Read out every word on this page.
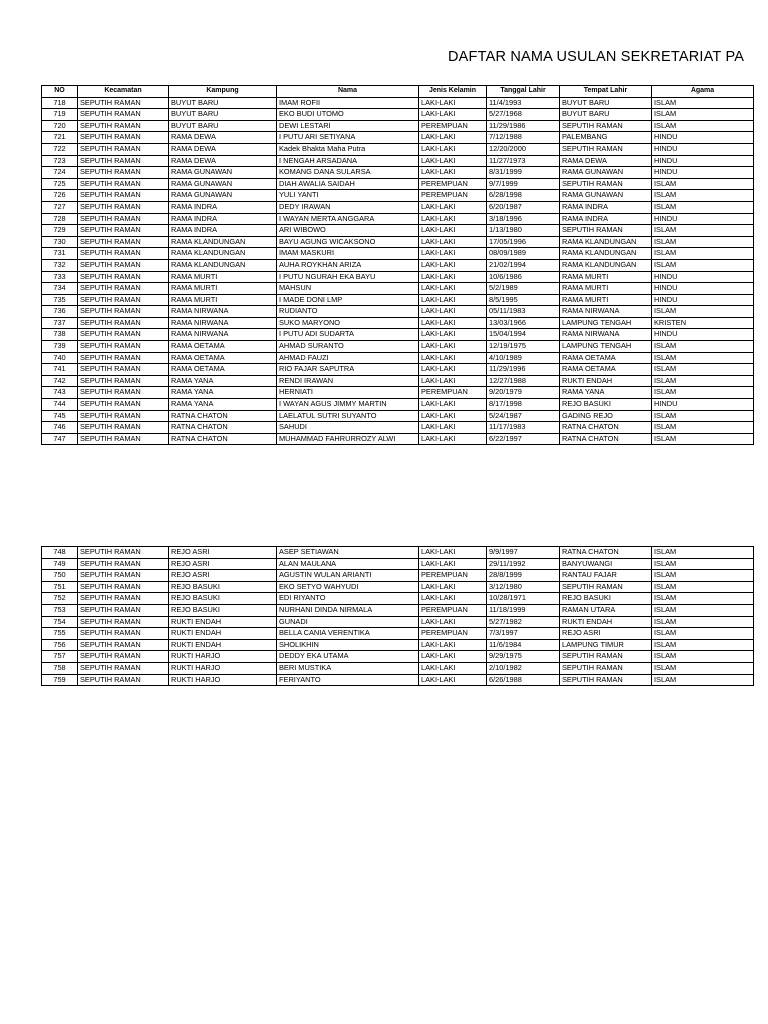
DAFTAR NAMA USULAN SEKRETARIAT PA
NO	Kecamatan	Kampung	Nama	Jenis Kelamin	Tanggal Lahir	Tempat Lahir	Agama
718	SEPUTIH RAMAN	BUYUT BARU	IMAM ROFII	LAKI-LAKI	11/4/1993	BUYUT BARU	ISLAM
719	SEPUTIH RAMAN	BUYUT BARU	EKO BUDI UTOMO	LAKI-LAKI	5/27/1968	BUYUT BARU	ISLAM
720	SEPUTIH RAMAN	BUYUT BARU	DEWI LESTARI	PEREMPUAN	11/29/1986	SEPUTIH RAMAN	ISLAM
721	SEPUTIH RAMAN	RAMA DEWA	I PUTU ARI SETIYANA	LAKI-LAKI	7/12/1988	PALEMBANG	HINDU
722	SEPUTIH RAMAN	RAMA DEWA	Kadek Bhakta Maha Putra	LAKI-LAKI	12/20/2000	SEPUTIH RAMAN	HINDU
723	SEPUTIH RAMAN	RAMA DEWA	I NENGAH ARSADANA	LAKI-LAKI	11/27/1973	RAMA DEWA	HINDU
724	SEPUTIH RAMAN	RAMA GUNAWAN	KOMANG DANA SULARSA	LAKI-LAKI	8/31/1999	RAMA GUNAWAN	HINDU
725	SEPUTIH RAMAN	RAMA GUNAWAN	DIAH AWALIA SAIDAH	PEREMPUAN	9/7/1999	SEPUTIH RAMAN	ISLAM
726	SEPUTIH RAMAN	RAMA GUNAWAN	YULI YANTI	PEREMPUAN	6/28/1998	RAMA GUNAWAN	ISLAM
727	SEPUTIH RAMAN	RAMA INDRA	DEDY IRAWAN	LAKI-LAKI	6/20/1987	RAMA INDRA	ISLAM
728	SEPUTIH RAMAN	RAMA INDRA	I WAYAN MERTA ANGGARA	LAKI-LAKI	3/18/1996	RAMA INDRA	HINDU
729	SEPUTIH RAMAN	RAMA INDRA	ARI WIBOWO	LAKI-LAKI	1/13/1980	SEPUTIH RAMAN	ISLAM
730	SEPUTIH RAMAN	RAMA KLANDUNGAN	BAYU AGUNG WICAKSONO	LAKI-LAKI	17/05/1996	RAMA KLANDUNGAN	ISLAM
731	SEPUTIH RAMAN	RAMA KLANDUNGAN	IMAM MASKURI	LAKI-LAKI	08/09/1989	RAMA KLANDUNGAN	ISLAM
732	SEPUTIH RAMAN	RAMA KLANDUNGAN	AUHA ROYKHAN ARIZA	LAKI-LAKI	21/02/1994	RAMA KLANDUNGAN	ISLAM
733	SEPUTIH RAMAN	RAMA MURTI	I PUTU NGURAH EKA BAYU	LAKI-LAKI	10/6/1986	RAMA MURTI	HINDU
734	SEPUTIH RAMAN	RAMA MURTI	MAHSUN	LAKI-LAKI	5/2/1989	RAMA MURTI	HINDU
735	SEPUTIH RAMAN	RAMA MURTI	I MADE DONI LMP	LAKI-LAKI	8/5/1995	RAMA MURTI	HINDU
736	SEPUTIH RAMAN	RAMA NIRWANA	RUDIANTO	LAKI-LAKI	05/11/1983	RAMA NIRWANA	ISLAM
737	SEPUTIH RAMAN	RAMA NIRWANA	SUKO MARYONO	LAKI-LAKI	13/03/1966	LAMPUNG TENGAH	KRISTEN
738	SEPUTIH RAMAN	RAMA NIRWANA	I PUTU ADI SUDARTA	LAKI-LAKI	15/04/1994	RAMA NIRWANA	HINDU
739	SEPUTIH RAMAN	RAMA OETAMA	AHMAD SURANTO	LAKI-LAKI	12/19/1975	LAMPUNG TENGAH	ISLAM
740	SEPUTIH RAMAN	RAMA OETAMA	AHMAD FAUZI	LAKI-LAKI	4/10/1989	RAMA OETAMA	ISLAM
741	SEPUTIH RAMAN	RAMA OETAMA	RIO FAJAR SAPUTRA	LAKI-LAKI	11/29/1996	RAMA OETAMA	ISLAM
742	SEPUTIH RAMAN	RAMA YANA	RENDI IRAWAN	LAKI-LAKI	12/27/1988	RUKTI ENDAH	ISLAM
743	SEPUTIH RAMAN	RAMA YANA	HERNIATI	PEREMPUAN	9/20/1979	RAMA YANA	ISLAM
744	SEPUTIH RAMAN	RAMA YANA	I WAYAN AGUS JIMMY MARTIN	LAKI-LAKI	8/17/1998	REJO BASUKI	HINDU
745	SEPUTIH RAMAN	RATNA CHATON	LAELATUL SUTRI SUYANTO	LAKI-LAKI	5/24/1987	GADING REJO	ISLAM
746	SEPUTIH RAMAN	RATNA CHATON	SAHUDI	LAKI-LAKI	11/17/1983	RATNA CHATON	ISLAM
747	SEPUTIH RAMAN	RATNA CHATON	MUHAMMAD FAHRURROZY ALWI	LAKI-LAKI	6/22/1997	RATNA CHATON	ISLAM
748	SEPUTIH RAMAN	REJO ASRI	ASEP SETIAWAN	LAKI-LAKI	9/9/1997	RATNA CHATON	ISLAM
749	SEPUTIH RAMAN	REJO ASRI	ALAN MAULANA	LAKI-LAKI	29/11/1992	BANYUWANGI	ISLAM
750	SEPUTIH RAMAN	REJO ASRI	AGUSTIN WULAN ARIANTI	PEREMPUAN	28/8/1999	RANTAU FAJAR	ISLAM
751	SEPUTIH RAMAN	REJO BASUKI	EKO SETYO WAHYUDI	LAKI-LAKI	3/12/1980	SEPUTIH RAMAN	ISLAM
752	SEPUTIH RAMAN	REJO BASUKI	EDI RIYANTO	LAKI-LAKI	10/28/1971	REJO BASUKI	ISLAM
753	SEPUTIH RAMAN	REJO BASUKI	NURHANI DINDA NIRMALA	PEREMPUAN	11/18/1999	RAMAN UTARA	ISLAM
754	SEPUTIH RAMAN	RUKTI ENDAH	GUNADI	LAKI-LAKI	5/27/1982	RUKTI ENDAH	ISLAM
755	SEPUTIH RAMAN	RUKTI ENDAH	BELLA CANIA VERENTIKA	PEREMPUAN	7/3/1997	REJO ASRI	ISLAM
756	SEPUTIH RAMAN	RUKTI ENDAH	SHOLIKHIN	LAKI-LAKI	11/6/1984	LAMPUNG TIMUR	ISLAM
757	SEPUTIH RAMAN	RUKTI HARJO	DEDDY EKA UTAMA	LAKI-LAKI	9/29/1975	SEPUTIH RAMAN	ISLAM
758	SEPUTIH RAMAN	RUKTI HARJO	BERI MUSTIKA	LAKI-LAKI	2/10/1982	SEPUTIH RAMAN	ISLAM
759	SEPUTIH RAMAN	RUKTI HARJO	FERIYANTO	LAKI-LAKI	6/26/1988	SEPUTIH RAMAN	ISLAM
